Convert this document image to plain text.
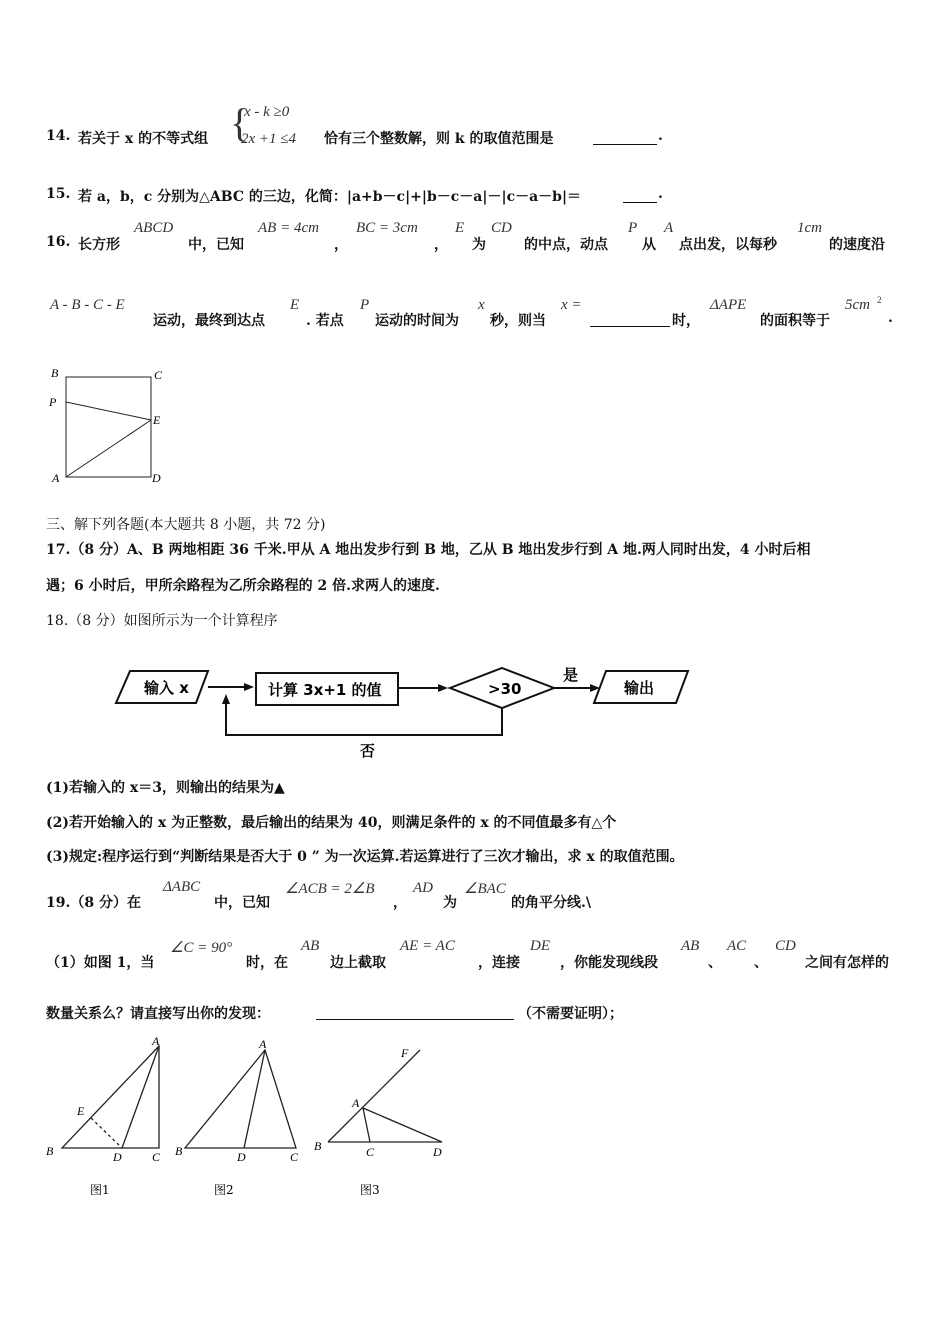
14. 若关于 x 的不等式组 {
x - k ≥0
2x +1 ≤4 恰有三个整数解，则 k 的取值范围是	.
15. 若 a，b，c 分别为△ABC 的三边，化简：|a+b－c|+|b－c－a|－|c－a－b|＝	.
16. 长方形
ABCD
中，已知
AB = 4cm
，
BC = 3cm
，
E
为
CD
的中点，动点
P
从
A
点出发，以每秒
1cm
的速度沿
A - B - C - E
运动，最终到达点
E
. 若点
P
运动的时间为
x
秒，则当
x =
时，
ΔAPE
的面积等于
5cm 2
.
B	C
P
E
A	D
三、解下列各题(本大题共 8 小题，共 72 分)
17.（8 分）A、B 两地相距 36 千米.甲从 A 地出发步行到 B 地，乙从 B 地出发步行到 A 地.两人同时出发，4 小时后相
遇；6 小时后，甲所余路程为乙所余路程的 2 倍.求两人的速度.
18.（8 分）如图所示为一个计算程序
输入 x	计算 3x+1 的值	>30	输出
是
否
(1)若输入的 x＝3，则输出的结果为▲
(2)若开始输入的 x 为正整数，最后输出的结果为 40，则满足条件的 x 的不同值最多有△个
(3)规定:程序运行到“判断结果是否大于 0 ” 为一次运算.若运算进行了三次才输出，求 x 的取值范围。
19.（8 分）在
ΔABC
中，已知
∠ACB = 2∠B
，
AD
为
∠BAC
的角平分线.\
（1）如图 1，当
∠C = 90°
时，在
AB
边上截取
AE = AC
，连接
DE
，你能发现线段
AB
、
AC
、
CD
之间有怎样的
数量关系么？请直接写出你的发现：	（不需要证明）；
A
E
B	D	C
图1
A
B	D	C
图2
F
A
B	C	D
图3
